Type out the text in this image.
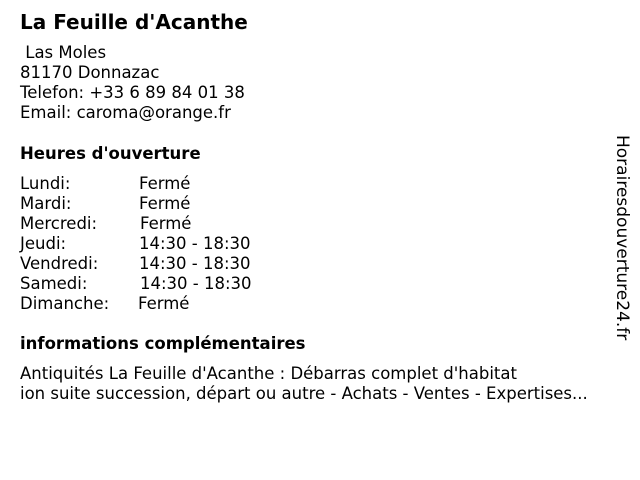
La Feuille d'Acanthe
Las Moles
81170 Donnazac
Telefon: +33 6 89 84 01 38
Email: caroma@orange.fr
Heures d'ouverture
Lundi:	Fermé
Mardi:	Fermé
Mercredi:	Fermé
Jeudi:	14:30 - 18:30
Vendredi: 14:30 - 18:30
Samedi:	14:30 - 18:30
Dimanche: Fermé
informations complémentaires
Antiquités La Feuille d'Acanthe : Débarras complet d'habitat
ion suite succession, départ ou autre - Achats - Ventes - Expertises...
Horairesdouverture24.fr
